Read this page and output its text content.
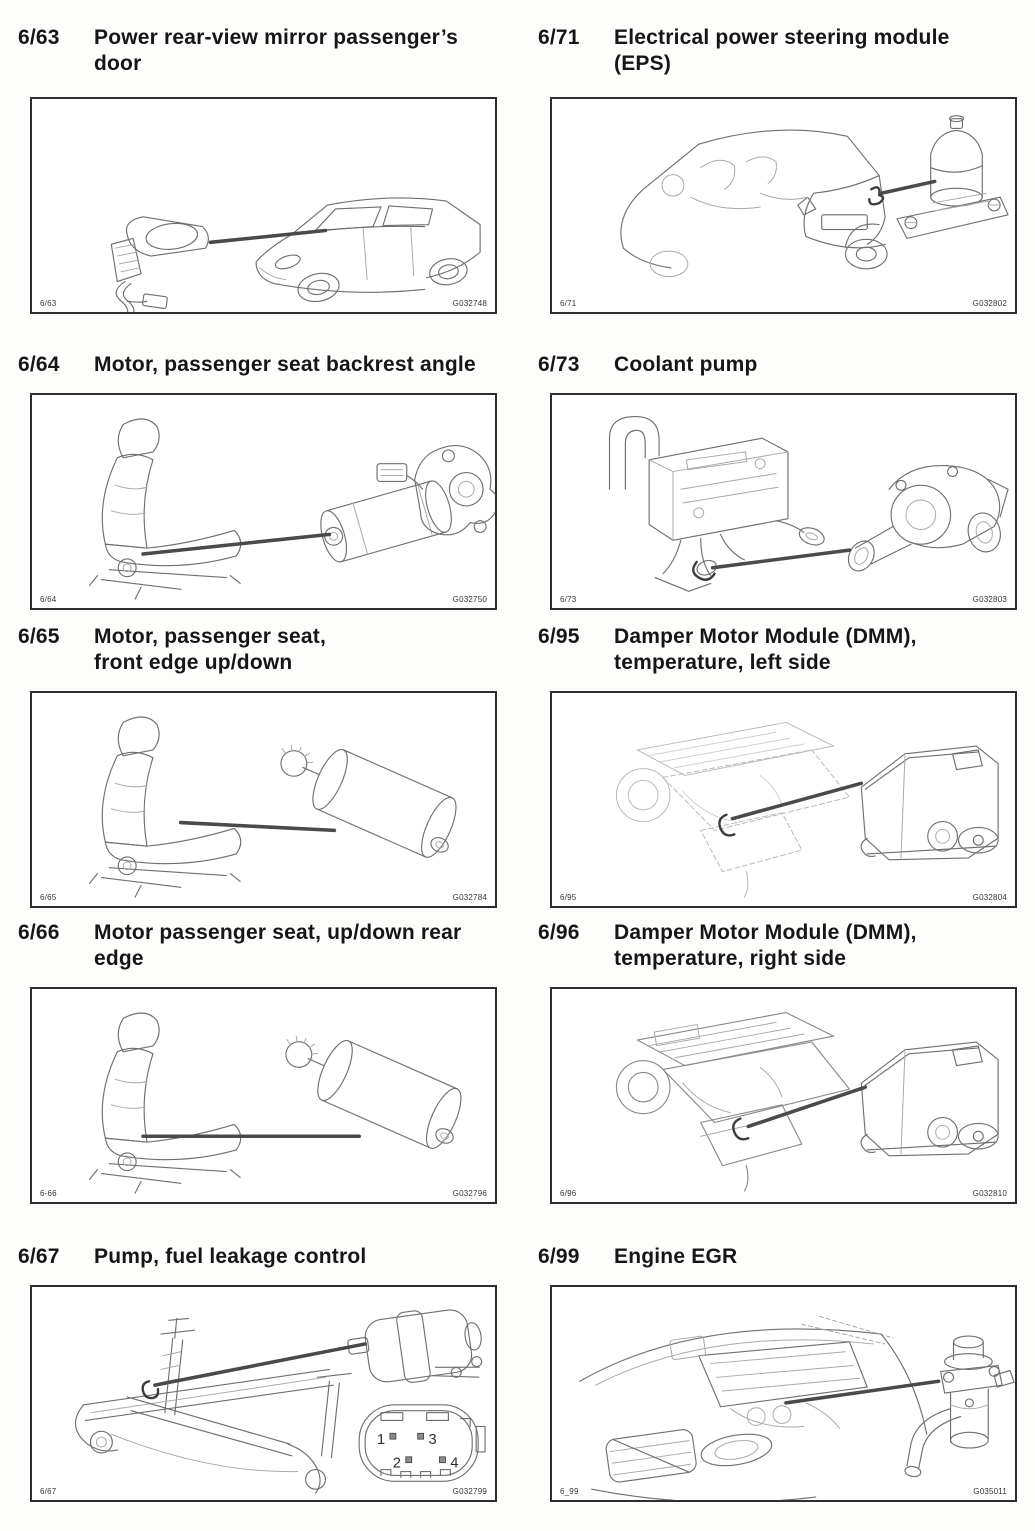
6/63	Power rear-view mirror passenger’s
door
6/63	G032748
6/71	Electrical power steering module
(EPS)
6/71	G032802
6/64	Motor, passenger seat backrest angle
6/64	G032750
6/73	Coolant pump
6/73	G032803
6/65	Motor, passenger seat,
front edge up/down
6/65	G032784
6/95	Damper Motor Module (DMM),
temperature, left side
6/95	G032804
6/66	Motor passenger seat, up/down rear
edge
6-66	G032796
6/96	Damper Motor Module (DMM),
temperature, right side
6/96	G032810
6/67	Pump, fuel leakage control
1	3
2	4
6/67	G032799
6/99	Engine EGR
6_99	G035011
